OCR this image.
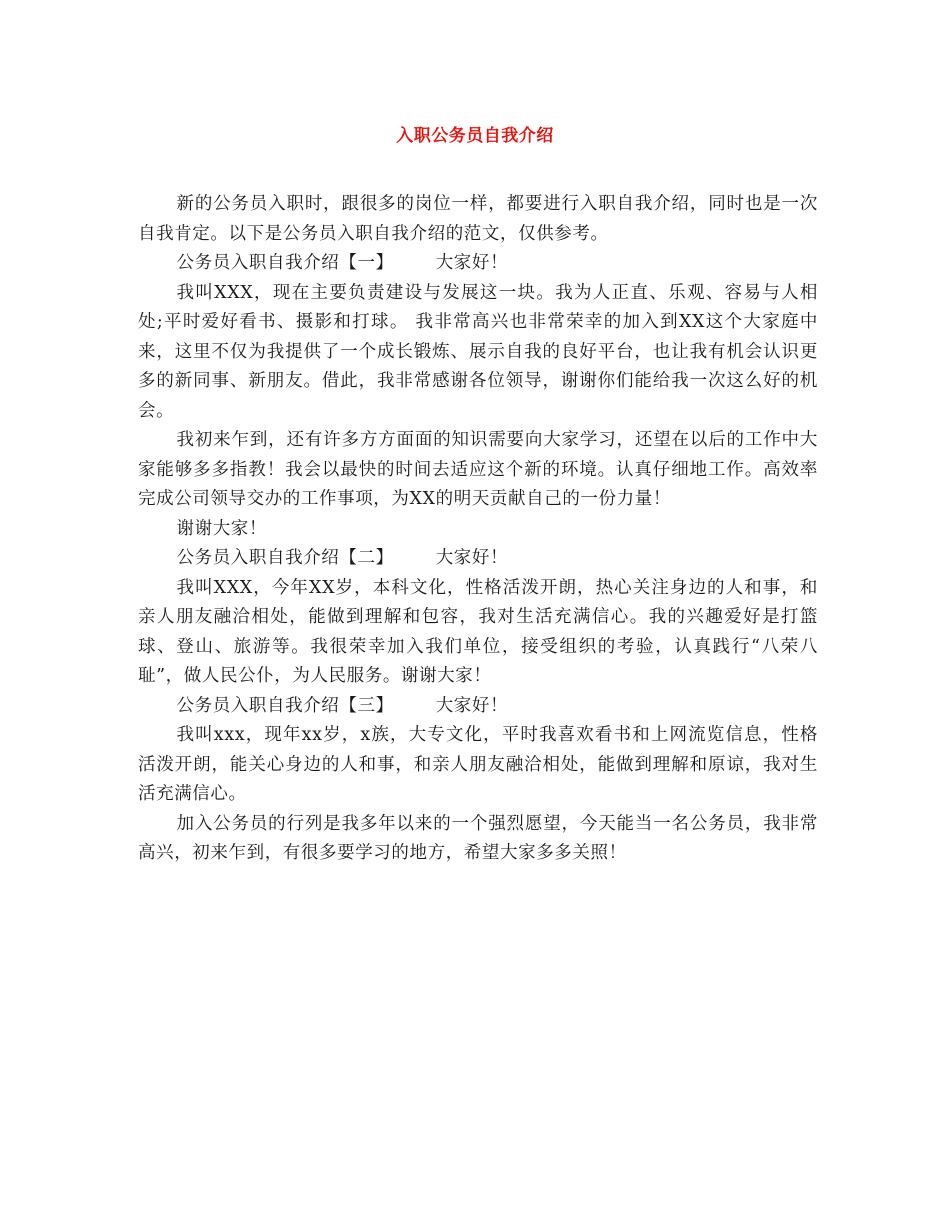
入职公务员自我介绍

新的公务员入职时，跟很多的岗位一样，都要进行入职自我介绍，同时也是一次自我肯定。以下是公务员入职自我介绍的范文，仅供参考。

公务员入职自我介绍【一】 大家好！

我叫XXX，现在主要负责建设与发展这一块。我为人正直、乐观、容易与人相处;平时爱好看书、摄影和打球。 我非常高兴也非常荣幸的加入到XX这个大家庭中来，这里不仅为我提供了一个成长锻炼、展示自我的良好平台，也让我有机会认识更多的新同事、新朋友。借此，我非常感谢各位领导，谢谢你们能给我一次这么好的机会。

我初来乍到，还有许多方方面面的知识需要向大家学习，还望在以后的工作中大家能够多多指教！我会以最快的时间去适应这个新的环境。认真仔细地工作。高效率完成公司领导交办的工作事项，为XX的明天贡献自己的一份力量！

谢谢大家！

公务员入职自我介绍【二】 大家好！

我叫XXX，今年XX岁，本科文化，性格活泼开朗，热心关注身边的人和事，和亲人朋友融洽相处，能做到理解和包容，我对生活充满信心。我的兴趣爱好是打篮球、登山、旅游等。我很荣幸加入我们单位，接受组织的考验，认真践行“八荣八耻”，做人民公仆，为人民服务。谢谢大家！

公务员入职自我介绍【三】 大家好！

我叫xxx，现年xx岁，x族，大专文化，平时我喜欢看书和上网流览信息，性格活泼开朗，能关心身边的人和事，和亲人朋友融洽相处，能做到理解和原谅，我对生活充满信心。

加入公务员的行列是我多年以来的一个强烈愿望，今天能当一名公务员，我非常高兴，初来乍到，有很多要学习的地方，希望大家多多关照！
